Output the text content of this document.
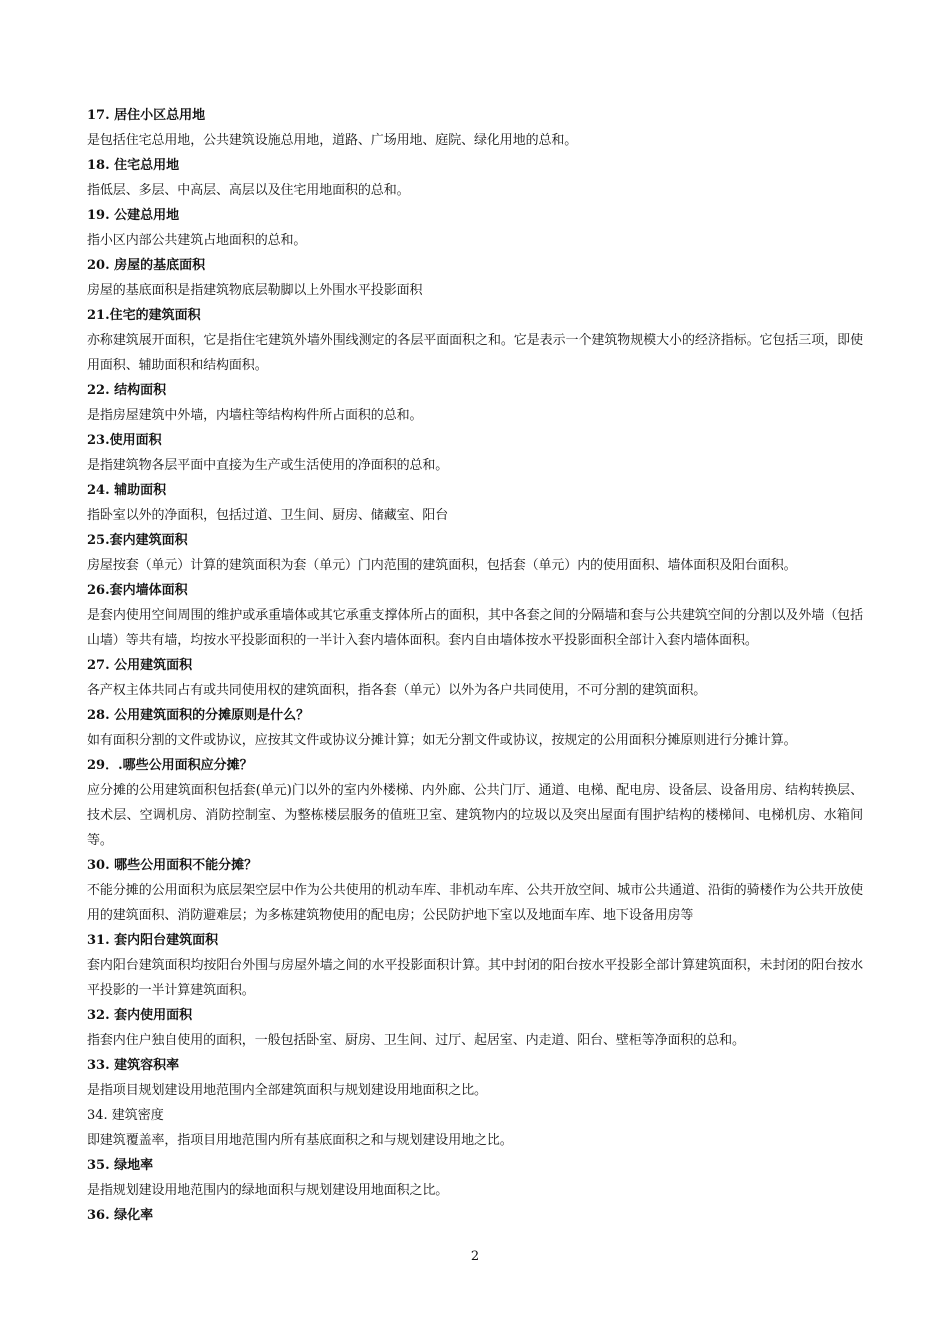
17. 居住小区总用地

是包括住宅总用地，公共建筑设施总用地，道路、广场用地、庭院、绿化用地的总和。

18. 住宅总用地

指低层、多层、中高层、高层以及住宅用地面积的总和。

19. 公建总用地

指小区内部公共建筑占地面积的总和。

20. 房屋的基底面积

房屋的基底面积是指建筑物底层勒脚以上外围水平投影面积

21.住宅的建筑面积

亦称建筑展开面积，它是指住宅建筑外墙外围线测定的各层平面面积之和。它是表示一个建筑物规模大小的经济指标。它包括三项，即使用面积、辅助面积和结构面积。

22. 结构面积

是指房屋建筑中外墙，内墙柱等结构构件所占面积的总和。

23.使用面积

是指建筑物各层平面中直接为生产或生活使用的净面积的总和。

24. 辅助面积

指卧室以外的净面积，包括过道、卫生间、厨房、储藏室、阳台

25.套内建筑面积

房屋按套（单元）计算的建筑面积为套（单元）门内范围的建筑面积，包括套（单元）内的使用面积、墙体面积及阳台面积。

26.套内墙体面积

是套内使用空间周围的维护或承重墙体或其它承重支撑体所占的面积，其中各套之间的分隔墙和套与公共建筑空间的分割以及外墙（包括山墙）等共有墙，均按水平投影面积的一半计入套内墙体面积。套内自由墙体按水平投影面积全部计入套内墙体面积。

27. 公用建筑面积

各产权主体共同占有或共同使用权的建筑面积，指各套（单元）以外为各户共同使用，不可分割的建筑面积。

28. 公用建筑面积的分摊原则是什么？

如有面积分割的文件或协议，应按其文件或协议分摊计算；如无分割文件或协议，按规定的公用面积分摊原则进行分摊计算。

29．.哪些公用面积应分摊？

应分摊的公用建筑面积包括套(单元)门以外的室内外楼梯、内外廊、公共门厅、通道、电梯、配电房、设备层、设备用房、结构转换层、技术层、空调机房、消防控制室、为整栋楼层服务的值班卫室、建筑物内的垃圾以及突出屋面有围护结构的楼梯间、电梯机房、水箱间等。

30. 哪些公用面积不能分摊？

不能分摊的公用面积为底层架空层中作为公共使用的机动车库、非机动车库、公共开放空间、城市公共通道、沿街的骑楼作为公共开放使用的建筑面积、消防避难层；为多栋建筑物使用的配电房；公民防护地下室以及地面车库、地下设备用房等

31. 套内阳台建筑面积

套内阳台建筑面积均按阳台外围与房屋外墙之间的水平投影面积计算。其中封闭的阳台按水平投影全部计算建筑面积，未封闭的阳台按水平投影的一半计算建筑面积。

32. 套内使用面积

指套内住户独自使用的面积，一般包括卧室、厨房、卫生间、过厅、起居室、内走道、阳台、壁柜等净面积的总和。

33. 建筑容积率

是指项目规划建设用地范围内全部建筑面积与规划建设用地面积之比。

34. 建筑密度

即建筑覆盖率，指项目用地范围内所有基底面积之和与规划建设用地之比。

35. 绿地率

是指规划建设用地范围内的绿地面积与规划建设用地面积之比。

36. 绿化率

2
